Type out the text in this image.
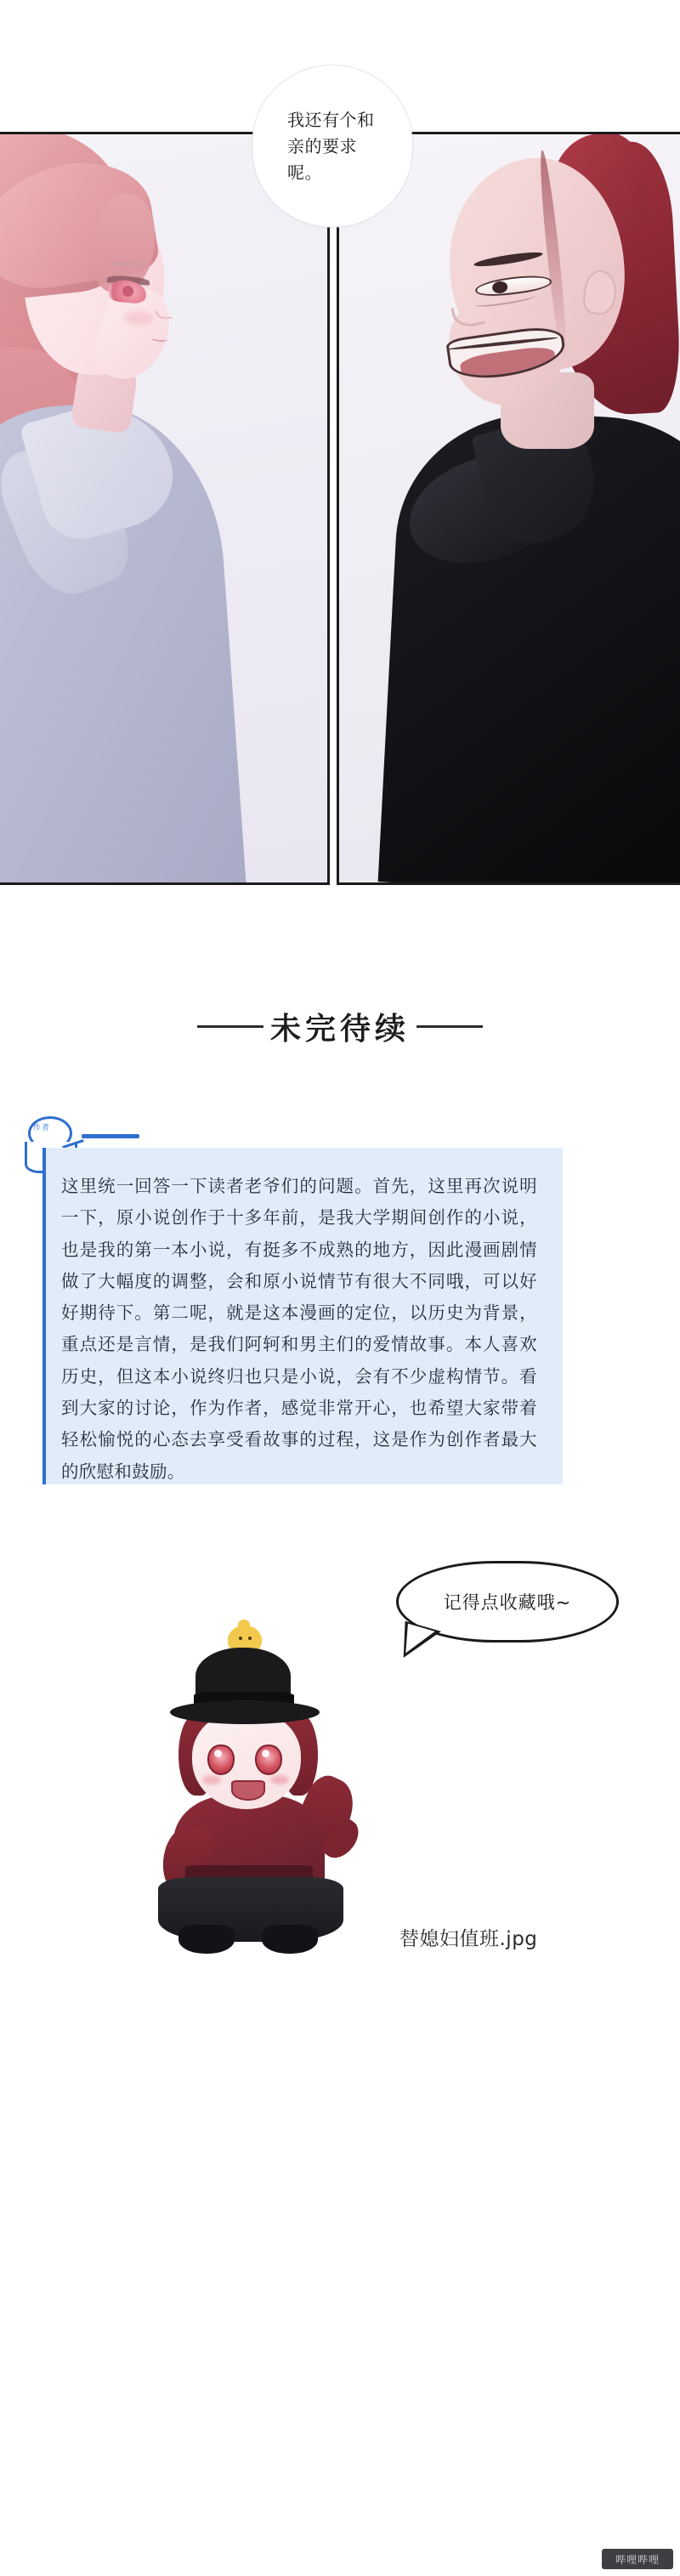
我还有个和亲的要求呢。
未完待续
作者
这里统一回答一下读者老爷们的问题。首先，这里再次说明一下，原小说创作于十多年前，是我大学期间创作的小说，也是我的第一本小说，有挺多不成熟的地方，因此漫画剧情做了大幅度的调整，会和原小说情节有很大不同哦，可以好好期待下。第二呢，就是这本漫画的定位，以历史为背景，重点还是言情，是我们阿轲和男主们的爱情故事。本人喜欢历史，但这本小说终归也只是小说，会有不少虚构情节。看到大家的讨论，作为作者，感觉非常开心，也希望大家带着轻松愉悦的心态去享受看故事的过程，这是作为创作者最大的欣慰和鼓励。
记得点收藏哦~
替媳妇值班.jpg
哔哩哔哩
